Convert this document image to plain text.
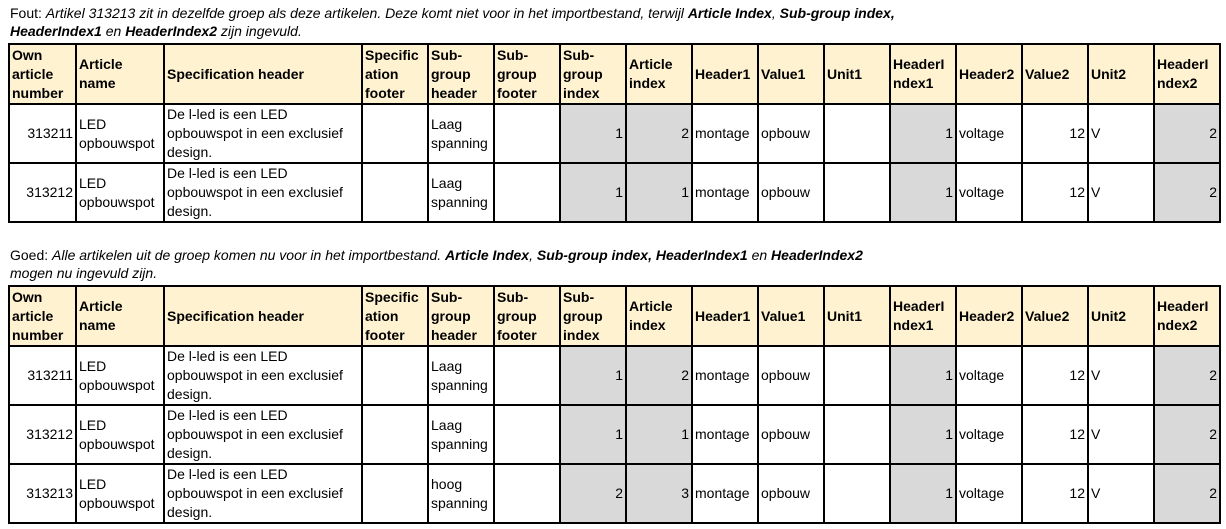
Fout: Artikel 313213 zit in dezelfde groep als deze artikelen. Deze komt niet voor in het importbestand, terwijl Article Index, Sub-group index,
HeaderIndex1 en HeaderIndex2 zijn ingevuld.
Own article number	Article name	Specification header	Specific ation footer	Sub-group header	Sub-group footer	Sub-group index	Article index	Header1	Value1	Unit1	HeaderI ndex1	Header2	Value2	Unit2	HeaderI ndex2
313211	LED opbouwspot	De l-led is een LED opbouwspot in een exclusief design.		Laag spanning		1	2	montage	opbouw		1	voltage	12	V	2
313212	LED opbouwspot	De l-led is een LED opbouwspot in een exclusief design.		Laag spanning		1	1	montage	opbouw		1	voltage	12	V	2
Goed: Alle artikelen uit de groep komen nu voor in het importbestand. Article Index, Sub-group index, HeaderIndex1 en HeaderIndex2
mogen nu ingevuld zijn.
Own article number	Article name	Specification header	Specific ation footer	Sub-group header	Sub-group footer	Sub-group index	Article index	Header1	Value1	Unit1	HeaderI ndex1	Header2	Value2	Unit2	HeaderI ndex2
313211	LED opbouwspot	De l-led is een LED opbouwspot in een exclusief design.		Laag spanning		1	2	montage	opbouw		1	voltage	12	V	2
313212	LED opbouwspot	De l-led is een LED opbouwspot in een exclusief design.		Laag spanning		1	1	montage	opbouw		1	voltage	12	V	2
313213	LED opbouwspot	De l-led is een LED opbouwspot in een exclusief design.		hoog spanning		2	3	montage	opbouw		1	voltage	12	V	2
